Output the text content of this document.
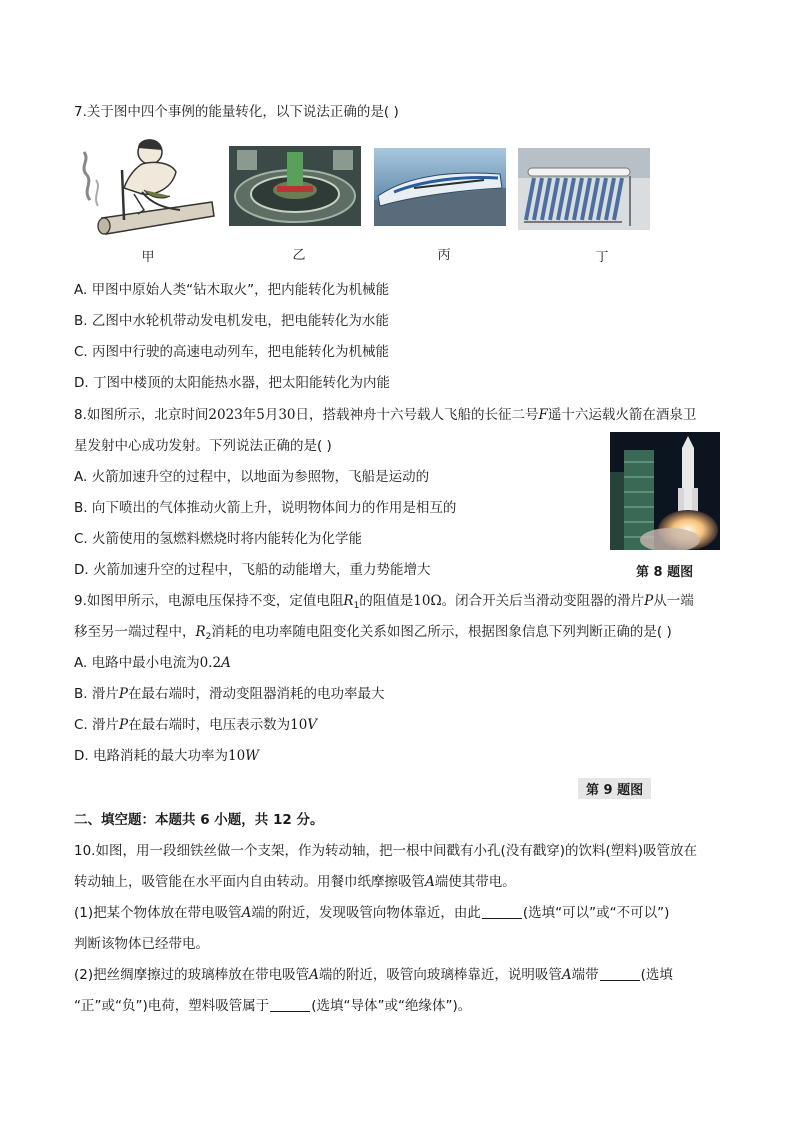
7.关于图中四个事例的能量转化，以下说法正确的是( )
甲	乙	丙	丁
A. 甲图中原始人类“钻木取火”，把内能转化为机械能
B. 乙图中水轮机带动发电机发电，把电能转化为水能
C. 丙图中行驶的高速电动列车，把电能转化为机械能
D. 丁图中楼顶的太阳能热水器，把太阳能转化为内能
8.如图所示，北京时间2023年5月30日，搭载神舟十六号载人飞船的长征二号F遥十六运载火箭在酒泉卫
星发射中心成功发射。下列说法正确的是( )
第 8 题图
A. 火箭加速升空的过程中，以地面为参照物，飞船是运动的
B. 向下喷出的气体推动火箭上升，说明物体间力的作用是相互的
C. 火箭使用的氢燃料燃烧时将内能转化为化学能
D. 火箭加速升空的过程中，飞船的动能增大，重力势能增大
9.如图甲所示，电源电压保持不变，定值电阻$R_1$的阻值是10Ω。闭合开关后当滑动变阻器的滑片P从一端
移至另一端过程中，$R_2$消耗的电功率随电阻变化关系如图乙所示，根据图象信息下列判断正确的是( )
A. 电路中最小电流为0.2A
B. 滑片P在最右端时，滑动变阻器消耗的电功率最大
C. 滑片P在最右端时，电压表示数为10V
D. 电路消耗的最大功率为10W
第 9 题图
二、填空题：本题共 6 小题，共 12 分。
10.如图，用一段细铁丝做一个支架，作为转动轴，把一根中间戳有小孔(没有戳穿)的饮料(塑料)吸管放在
转动轴上，吸管能在水平面内自由转动。用餐巾纸摩擦吸管A端使其带电。
(1)把某个物体放在带电吸管A端的附近，发现吸管向物体靠近，由此	(选填“可以”或“不可以”)
判断该物体已经带电。
(2)把丝绸摩擦过的玻璃棒放在带电吸管A端的附近，吸管向玻璃棒靠近，说明吸管A端带	(选填
“正”或“负”)电荷，塑料吸管属于	(选填“导体”或“绝缘体”)。
